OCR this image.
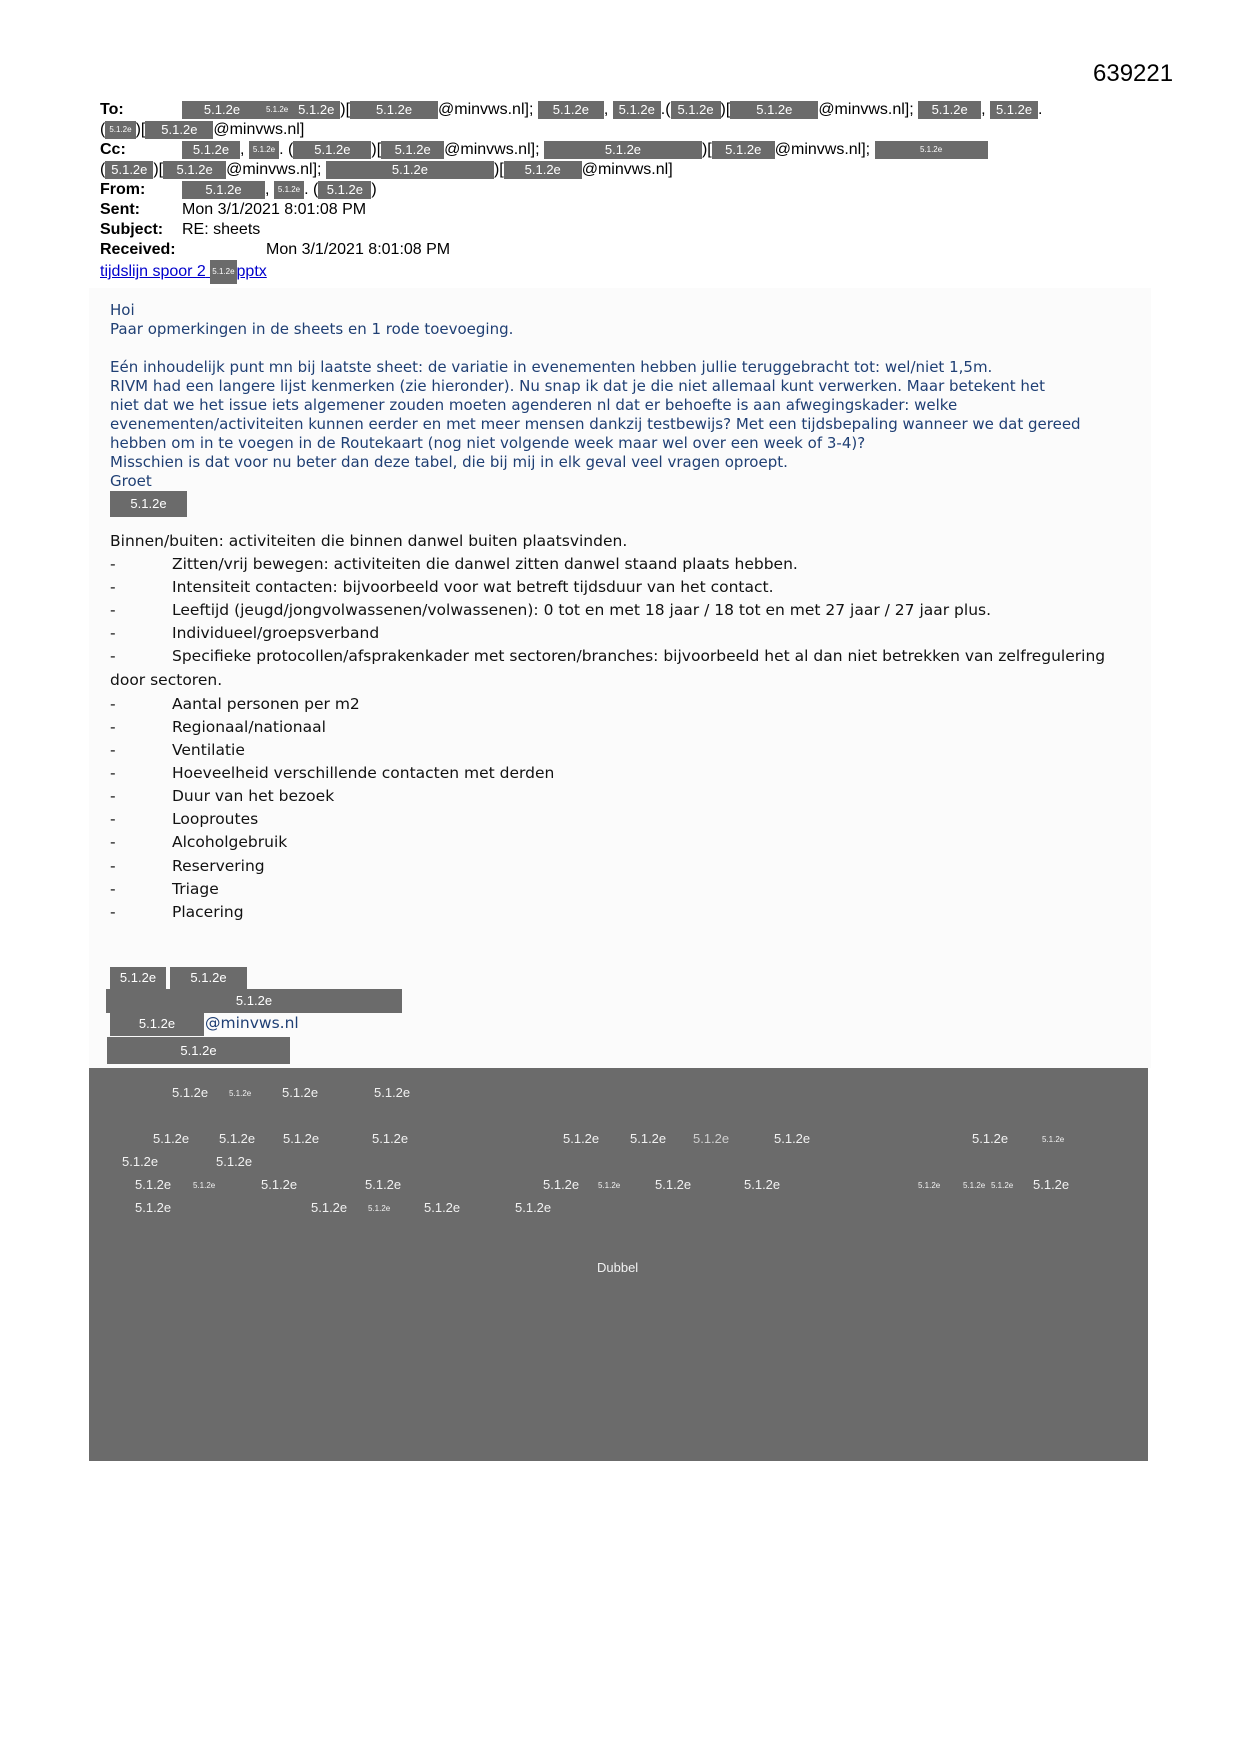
639221
To:	5.1.2e	5.1.2e 5.1.2e )[ 5.1.2e @minvws.nl]; 5.1.2e , 5.1.2e .( 5.1.2e )[ 5.1.2e @minvws.nl]; 5.1.2e , 5.1.2e .
( 5.1.2e )[ 5.1.2e @minvws.nl]
Cc:	5.1.2e , 5.1.2e . ( 5.1.2e )[ 5.1.2e @minvws.nl];	5.1.2e	)[ 5.1.2e @minvws.nl];	5.1.2e
( 5.1.2e )[ 5.1.2e @minvws.nl];	5.1.2e	)[ 5.1.2e @minvws.nl]
From:	5.1.2e , 5.1.2e . ( 5.1.2e )
Sent:	Mon 3/1/2021 8:01:08 PM
Subject: RE: sheets
Received:	Mon 3/1/2021 8:01:08 PM
tijdslijn spoor 2 5.1.2e pptx
Hoi
Paar opmerkingen in de sheets en 1 rode toevoeging.
Eén inhoudelijk punt mn bij laatste sheet: de variatie in evenementen hebben jullie teruggebracht tot: wel/niet 1,5m.
RIVM had een langere lijst kenmerken (zie hieronder). Nu snap ik dat je die niet allemaal kunt verwerken. Maar betekent het
niet dat we het issue iets algemener zouden moeten agenderen nl dat er behoefte is aan afwegingskader: welke
evenementen/activiteiten kunnen eerder en met meer mensen dankzij testbewijs? Met een tijdsbepaling wanneer we dat gereed
hebben om in te voegen in de Routekaart (nog niet volgende week maar wel over een week of 3-4)?
Misschien is dat voor nu beter dan deze tabel, die bij mij in elk geval veel vragen oproept.
Groet
5.1.2e
Binnen/buiten: activiteiten die binnen danwel buiten plaatsvinden.
-	Zitten/vrij bewegen: activiteiten die danwel zitten danwel staand plaats hebben.
-	Intensiteit contacten: bijvoorbeeld voor wat betreft tijdsduur van het contact.
-	Leeftijd (jeugd/jongvolwassenen/volwassenen): 0 tot en met 18 jaar / 18 tot en met 27 jaar / 27 jaar plus.
-	Individueel/groepsverband
-	Specifieke protocollen/afsprakenkader met sectoren/branches: bijvoorbeeld het al dan niet betrekken van zelfregulering
door sectoren.
-	Aantal personen per m2
-	Regionaal/nationaal
-	Ventilatie
-	Hoeveelheid verschillende contacten met derden
-	Duur van het bezoek
-	Looproutes
-	Alcoholgebruik
-	Reservering
-	Triage
-	Placering
5.1.2e	5.1.2e
5.1.2e
5.1.2e	@minvws.nl
5.1.2e
5.1.2e	5.1.2e 5.1.2e	5.1.2e
5.1.2e 5.1.2e 5.1.2e	5.1.2e	5.1.2e 5.1.2e 5.1.2e	5.1.2e	5.1.2e	5.1.2e
5.1.2e	5.1.2e
5.1.2e	5.1.2e	5.1.2e	5.1.2e	5.1.2e 5.1.2e	5.1.2e	5.1.2e	5.1.2e	5.1.2e 5.1.2e 5.1.2e
5.1.2e	5.1.2e	5.1.2e	5.1.2e	5.1.2e
Dubbel
